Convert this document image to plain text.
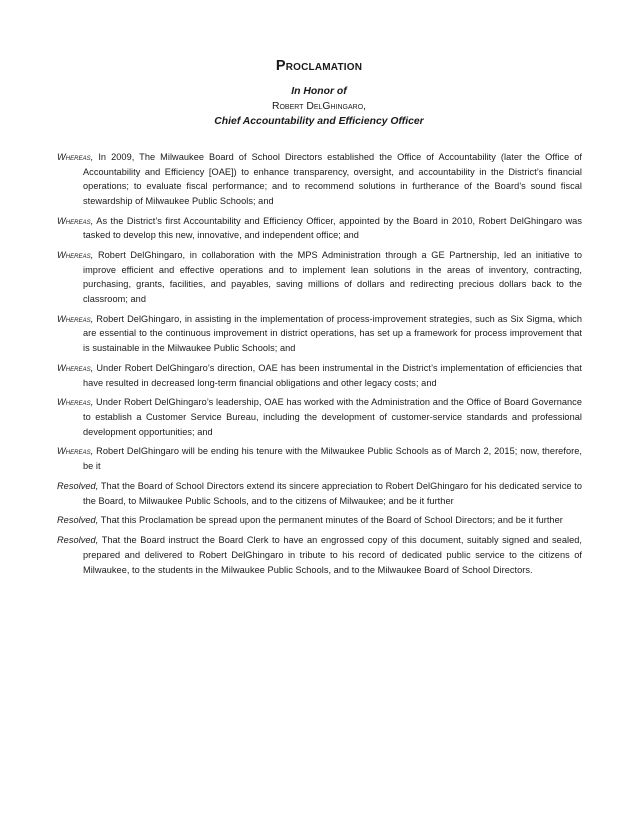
Proclamation
In Honor of
Robert DelGhingaro,
Chief Accountability and Efficiency Officer

Whereas, In 2009, The Milwaukee Board of School Directors established the Office of Accountability (later the Office of Accountability and Efficiency [OAE]) to enhance transparency, oversight, and accountability in the District’s financial operations; to evaluate fiscal performance; and to recommend solutions in furtherance of the Board’s sound fiscal stewardship of Milwaukee Public Schools; and

Whereas, As the District’s first Accountability and Efficiency Officer, appointed by the Board in 2010, Robert DelGhingaro was tasked to develop this new, innovative, and independent office; and

Whereas, Robert DelGhingaro, in collaboration with the MPS Administration through a GE Partnership, led an initiative to improve efficient and effective operations and to implement lean solutions in the areas of inventory, contracting, purchasing, grants, facilities, and payables, saving millions of dollars and redirecting precious dollars back to the classroom; and

Whereas, Robert DelGhingaro, in assisting in the implementation of process-improvement strategies, such as Six Sigma, which are essential to the continuous improvement in district operations, has set up a framework for process improvement that is sustainable in the Milwaukee Public Schools; and

Whereas, Under Robert DelGhingaro’s direction, OAE has been instrumental in the District’s implementation of efficiencies that have resulted in decreased long-term financial obligations and other legacy costs; and

Whereas, Under Robert DelGhingaro’s leadership, OAE has worked with the Administration and the Office of Board Governance to establish a Customer Service Bureau, including the development of customer-service standards and professional development opportunities; and

Whereas, Robert DelGhingaro will be ending his tenure with the Milwaukee Public Schools as of March 2, 2015; now, therefore, be it

Resolved, That the Board of School Directors extend its sincere appreciation to Robert DelGhingaro for his dedicated service to the Board, to Milwaukee Public Schools, and to the citizens of Milwaukee; and be it further

Resolved, That this Proclamation be spread upon the permanent minutes of the Board of School Directors; and be it further

Resolved, That the Board instruct the Board Clerk to have an engrossed copy of this document, suitably signed and sealed, prepared and delivered to Robert DelGhingaro in tribute to his record of dedicated public service to the citizens of Milwaukee, to the students in the Milwaukee Public Schools, and to the Milwaukee Board of School Directors.
